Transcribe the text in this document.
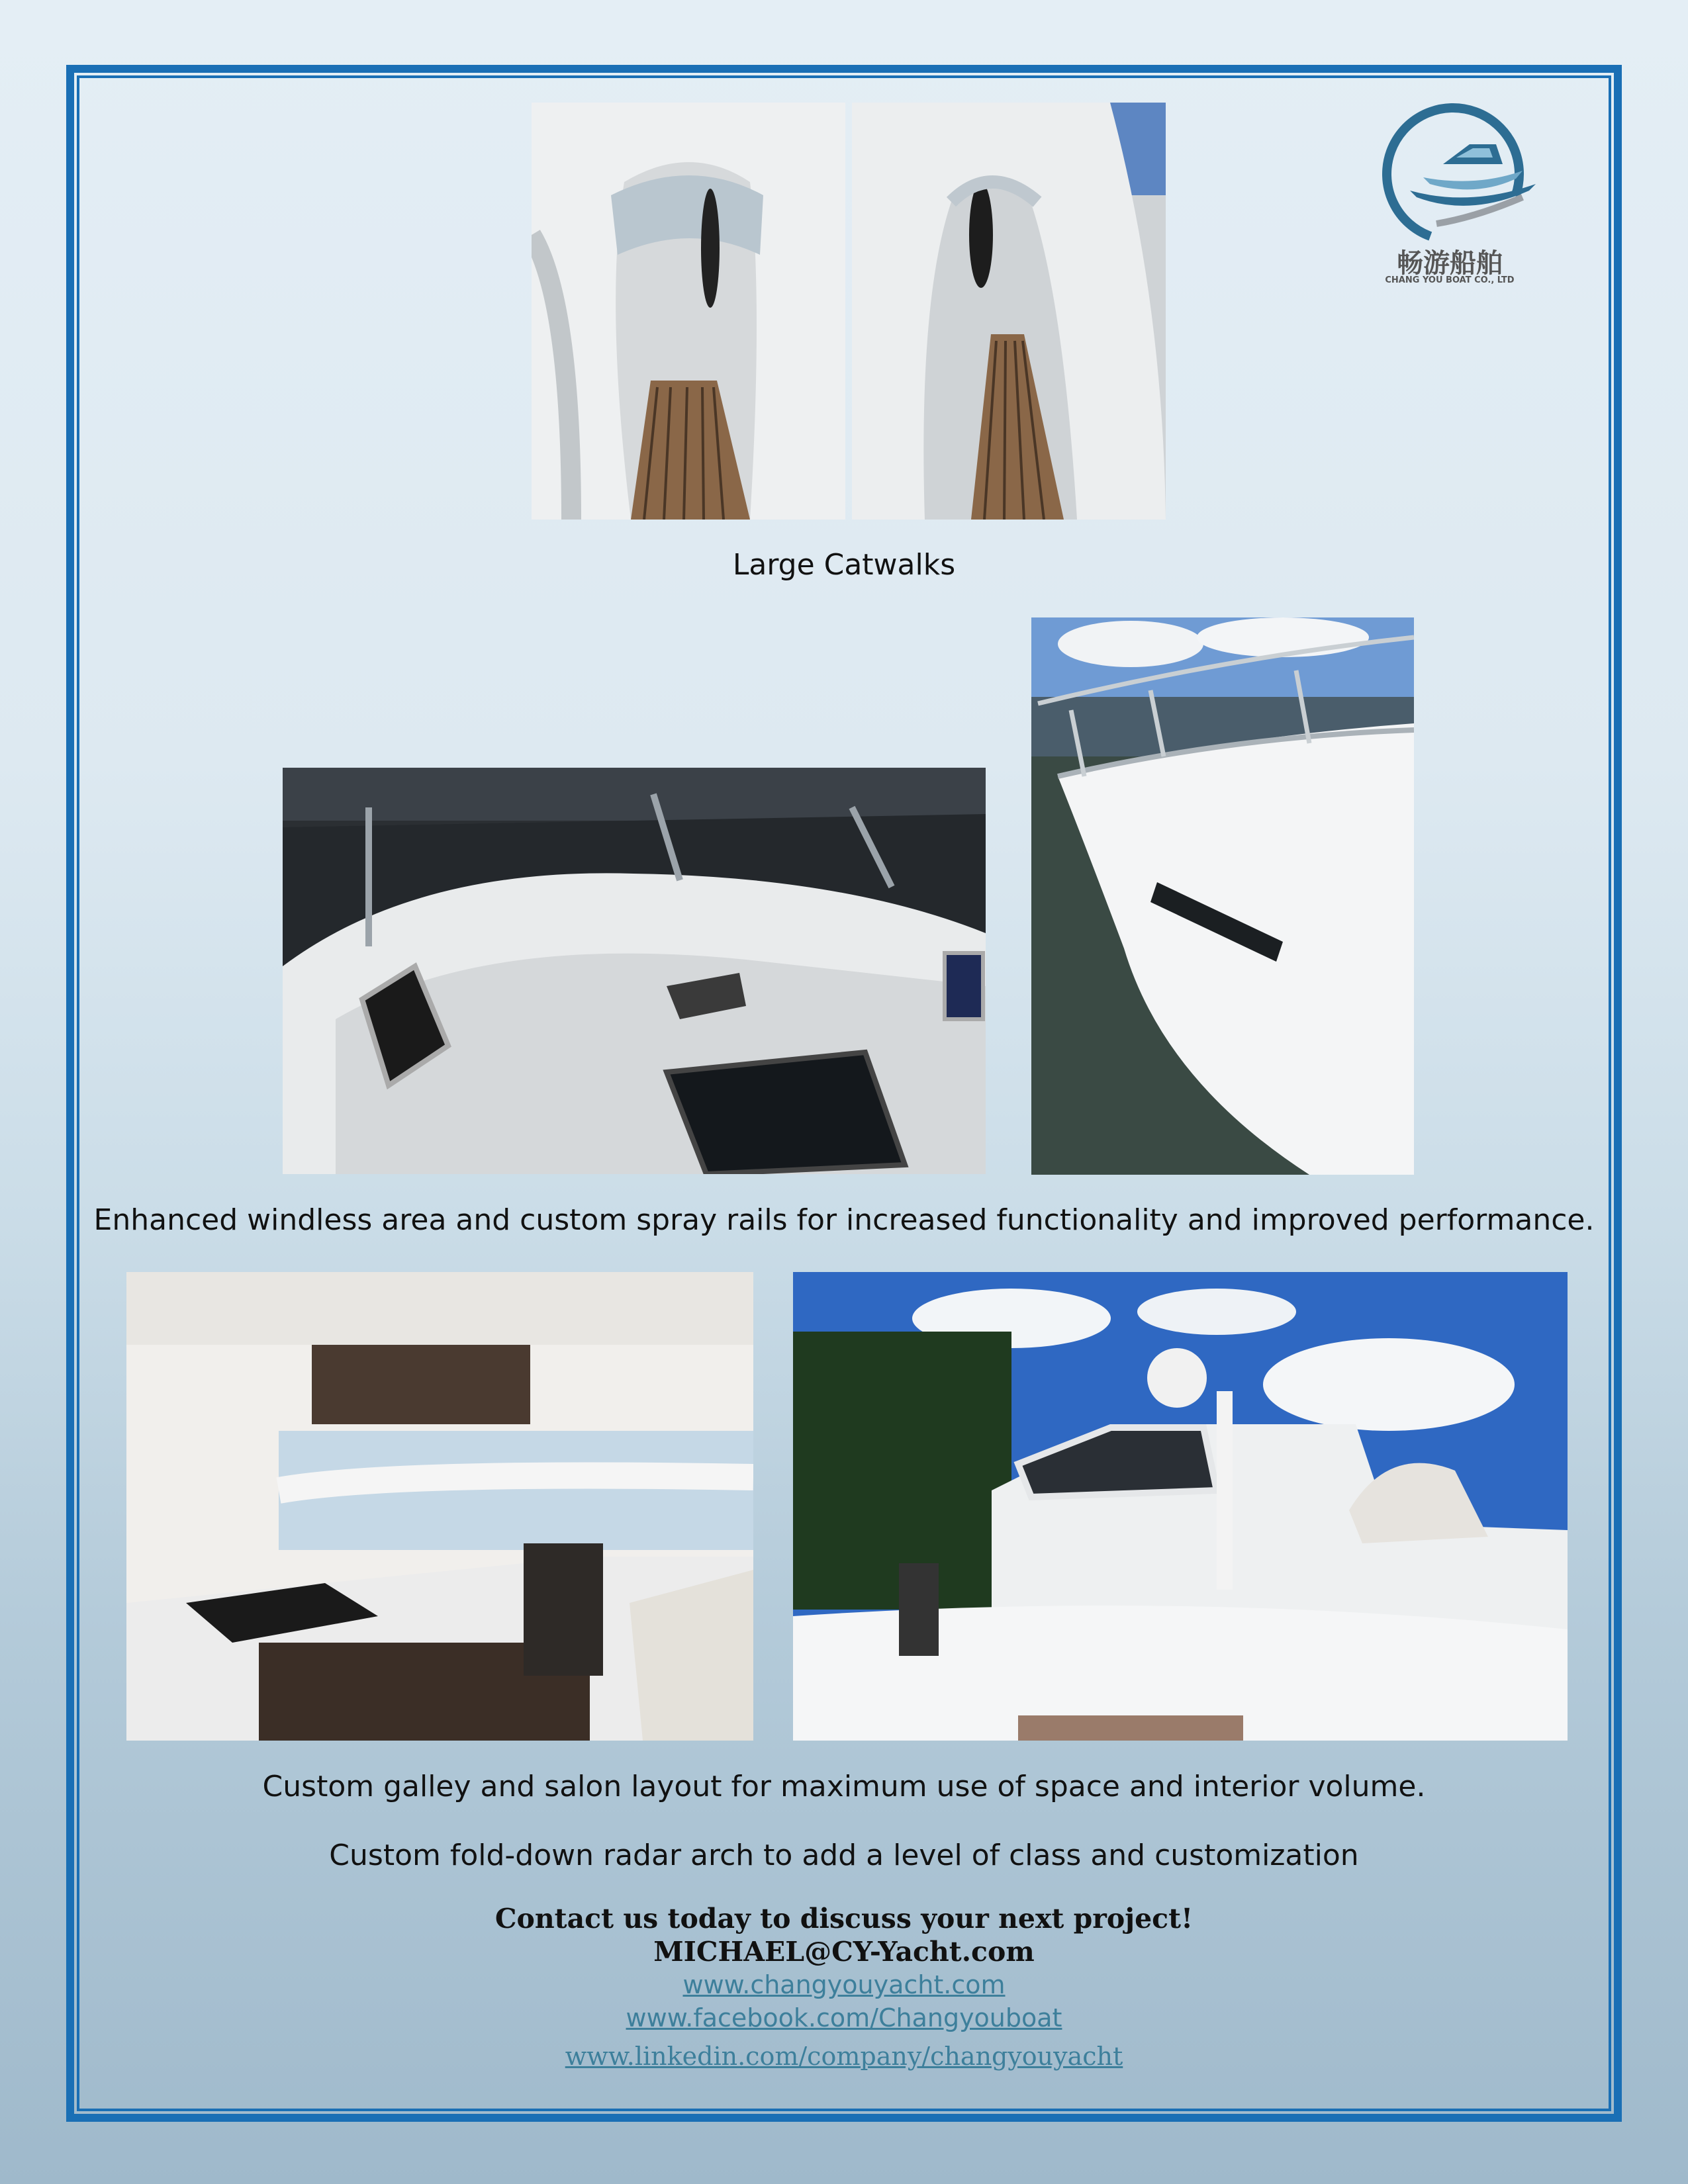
畅游船舶
CHANG YOU BOAT CO., LTD
Large Catwalks
Enhanced windless area and custom spray rails for increased functionality and improved performance.
Custom galley and salon layout for maximum use of space and interior volume.
Custom fold-down radar arch to add a level of class and customization
Contact us today to discuss your next project!
MICHAEL@CY-Yacht.com
www.changyouyacht.com
www.facebook.com/Changyouboat
www.linkedin.com/company/changyouyacht
